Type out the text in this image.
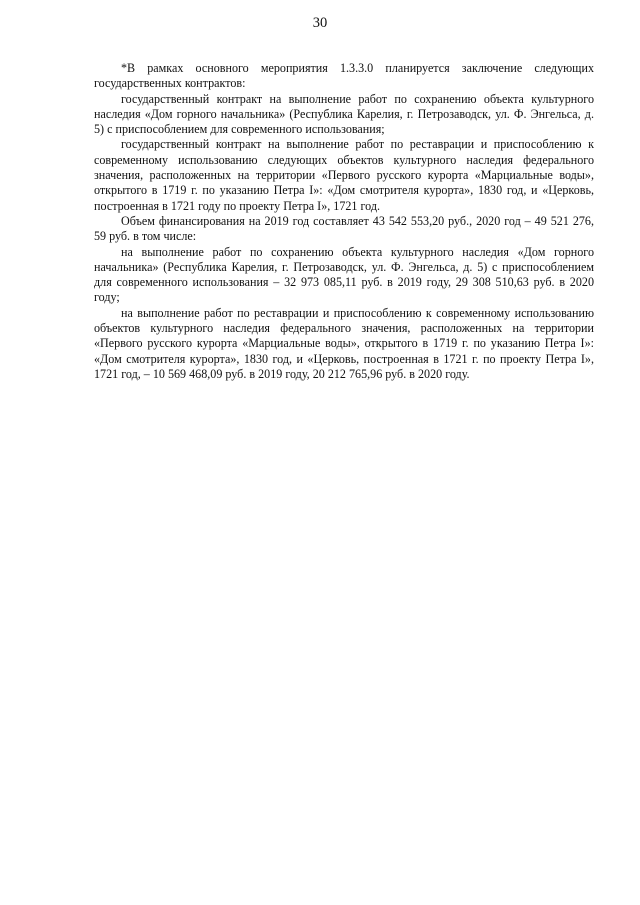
30

*В рамках основного мероприятия 1.3.3.0 планируется заключение следующих государственных контрактов:

государственный контракт на выполнение работ по сохранению объекта культурного наследия «Дом горного начальника» (Республика Карелия, г. Петрозаводск, ул. Ф. Энгельса, д. 5) с приспособлением для современного использования;

государственный контракт на выполнение работ по реставрации и приспособлению к современному использованию следующих объектов культурного наследия федерального значения, расположенных на территории «Первого русского курорта «Марциальные воды», открытого в 1719 г. по указанию Петра I»: «Дом смотрителя курорта», 1830 год, и «Церковь, построенная в 1721 году по проекту Петра I», 1721 год.

Объем финансирования на 2019 год составляет 43 542 553,20 руб., 2020 год – 49 521 276, 59 руб. в том числе:

на выполнение работ по сохранению объекта культурного наследия «Дом горного начальника» (Республика Карелия, г. Петрозаводск, ул. Ф. Энгельса, д. 5) с приспособлением для современного использования – 32 973 085,11 руб. в 2019 году, 29 308 510,63 руб. в 2020 году;

на выполнение работ по реставрации и приспособлению к современному использованию объектов культурного наследия федерального значения, расположенных на территории «Первого русского курорта «Марциальные воды», открытого в 1719 г. по указанию Петра I»: «Дом смотрителя курорта», 1830 год, и «Церковь, построенная в 1721 г. по проекту Петра I», 1721 год, – 10 569 468,09 руб. в 2019 году, 20 212 765,96 руб. в 2020 году.
